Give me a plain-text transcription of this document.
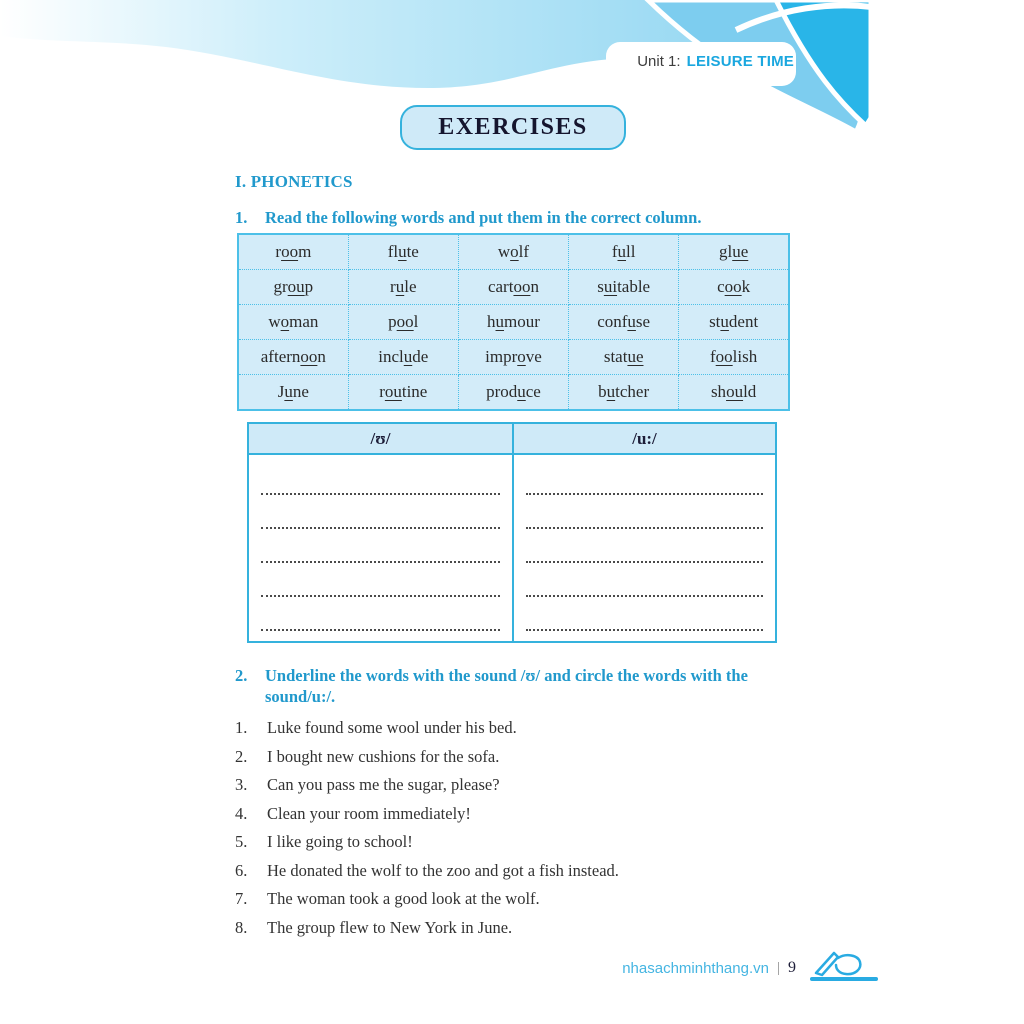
Unit 1: LEISURE TIME
EXERCISES
I. PHONETICS
1.	Read the following words and put them in the correct column.
room	flute	wolf	full	glue
group	rule	cartoon	suitable	cook
woman	pool	humour	confuse	student
afternoon	include	improve	statue	foolish
June	routine	produce	butcher	should
/ʊ/	/u:/
2.	Underline the words with the sound /ʊ/ and circle the words with the sound/u:/.
1.	Luke found some wool under his bed.
2.	I bought new cushions for the sofa.
3.	Can you pass me the sugar, please?
4.	Clean your room immediately!
5.	I like going to school!
6.	He donated the wolf to the zoo and got a fish instead.
7.	The woman took a good look at the wolf.
8.	The group flew to New York in June.
nhasachminhthang.vn | 9
